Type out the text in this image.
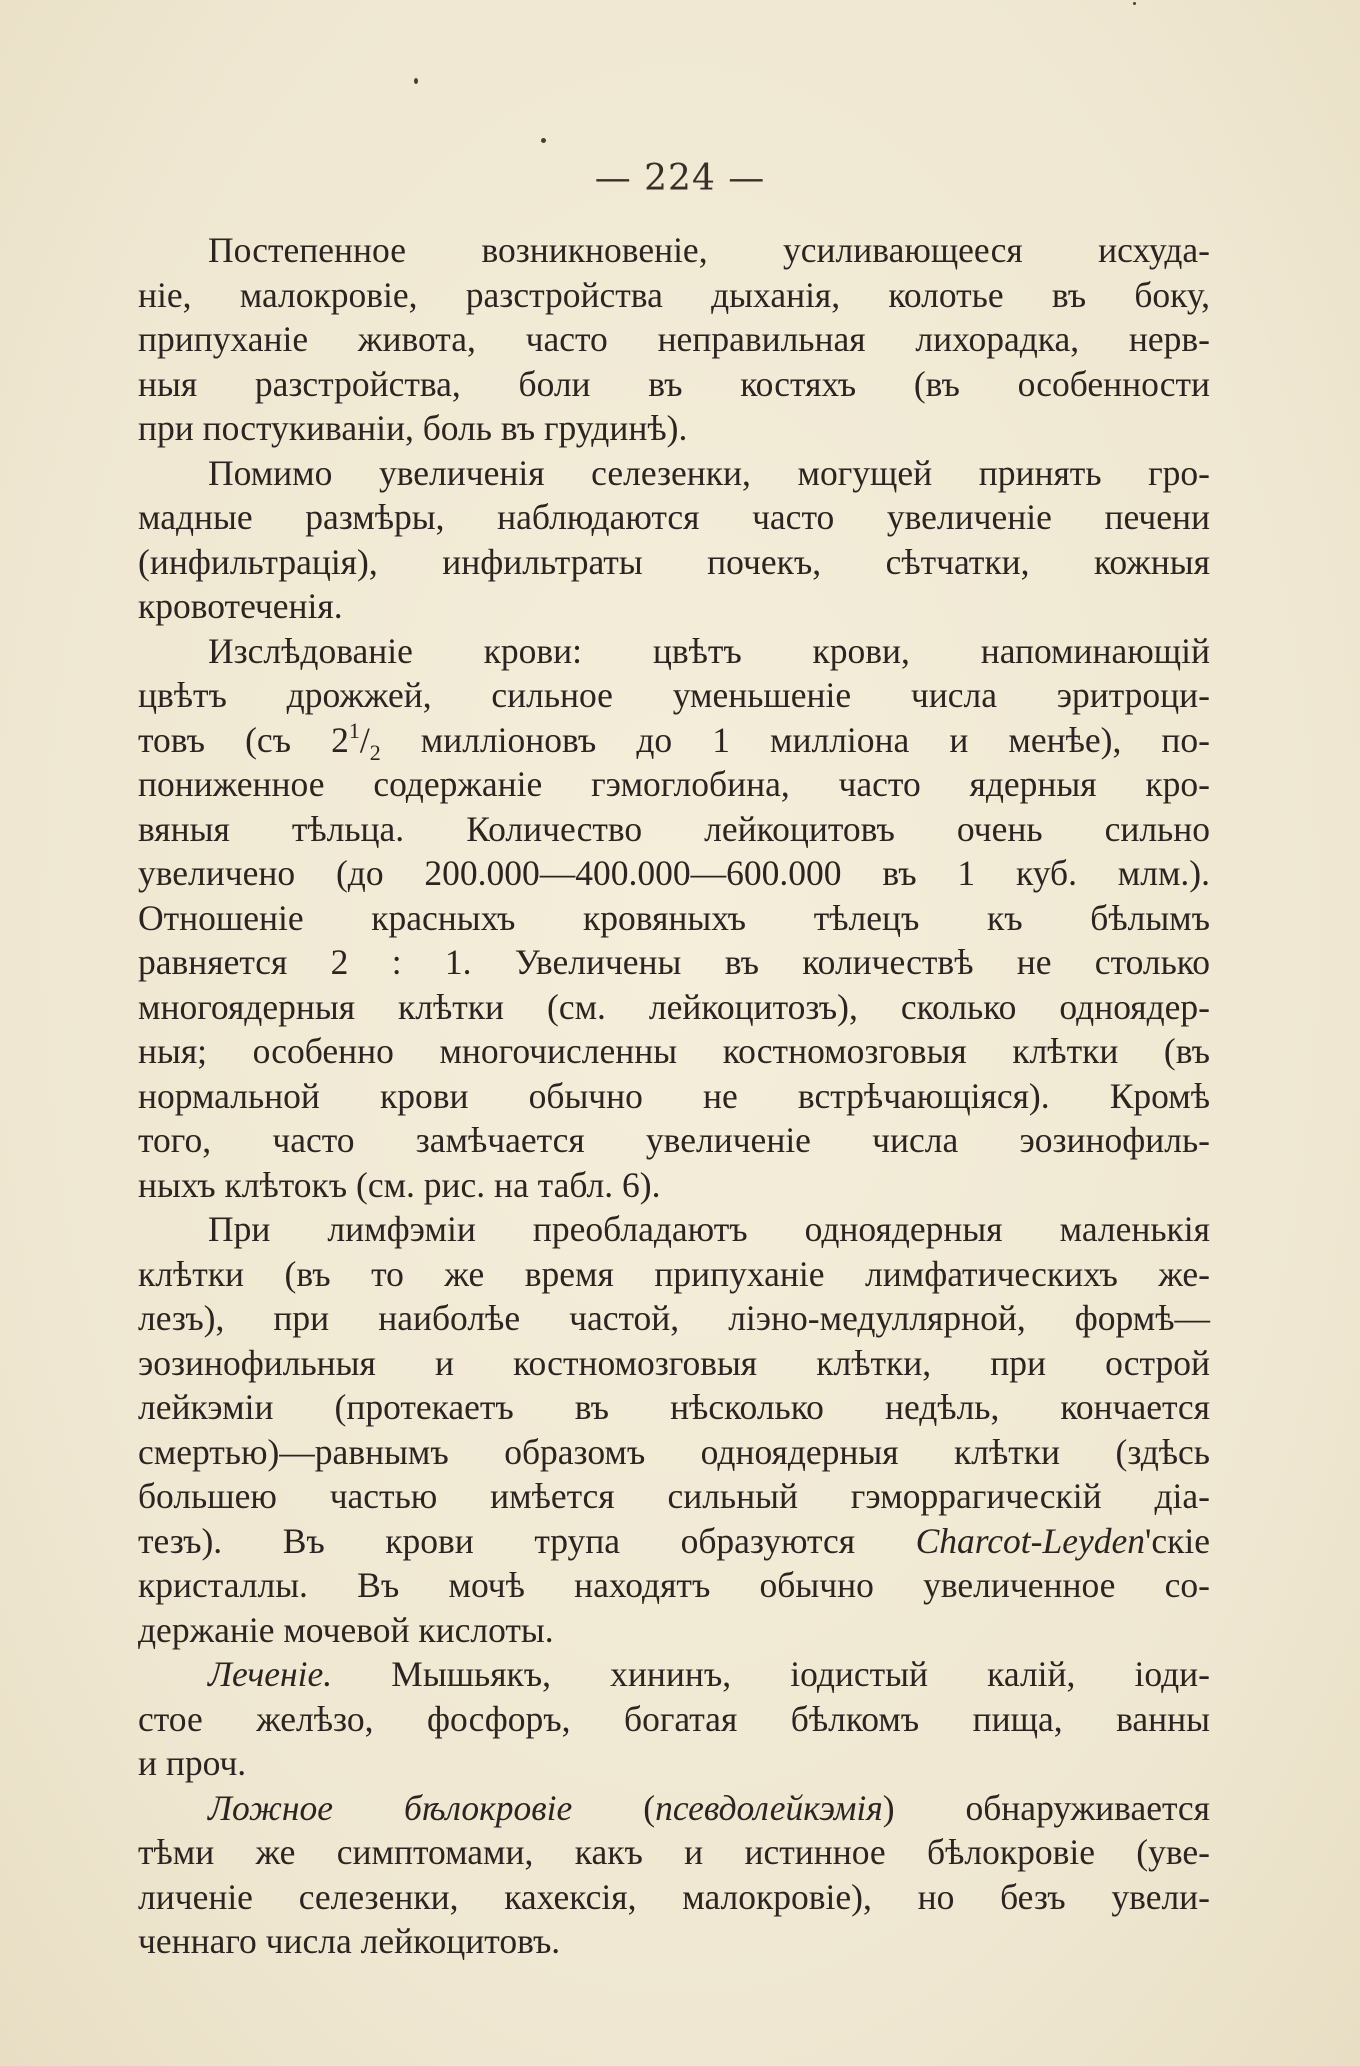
— 224 —
Постепенное возникновеніе, усиливающееся исхуда-
ніе, малокровіе, разстройства дыханія, колотье въ боку,
припуханіе живота, часто неправильная лихорадка, нерв-
ныя разстройства, боли въ костяхъ (въ особенности
при постукиваніи, боль въ грудинѣ).
Помимо увеличенія селезенки, могущей принять гро-
мадные размѣры, наблюдаются часто увеличеніе печени
(инфильтрація), инфильтраты почекъ, сѣтчатки, кожныя
кровотеченія.
Изслѣдованіе крови: цвѣтъ крови, напоминающій
цвѣтъ дрожжей, сильное уменьшеніе числа эритроци-
товъ (съ $2^1/_2$ милліоновъ до 1 милліона и менѣе), по-
пониженное содержаніе гэмоглобина, часто ядерныя кро-
вяныя тѣльца. Количество лейкоцитовъ очень сильно
увеличено (до 200.000—400.000—600.000 въ 1 куб. млм.).
Отношеніе красныхъ кровяныхъ тѣлецъ къ бѣлымъ
равняется 2 : 1. Увеличены въ количествѣ не столько
многоядерныя клѣтки (см. лейкоцитозъ), сколько одноядер-
ныя; особенно многочисленны костномозговыя клѣтки (въ
нормальной крови обычно не встрѣчающіяся). Кромѣ
того, часто замѣчается увеличеніе числа эозинофиль-
ныхъ клѣтокъ (см. рис. на табл. 6).
При лимфэміи преобладаютъ одноядерныя маленькія
клѣтки (въ то же время припуханіе лимфатическихъ же-
лезъ), при наиболѣе частой, ліэно-медуллярной, формѣ—
эозинофильныя и костномозговыя клѣтки, при острой
лейкэміи (протекаетъ въ нѣсколько недѣль, кончается
смертью)—равнымъ образомъ одноядерныя клѣтки (здѣсь
большею частью имѣется сильный гэморрагическій діа-
тезъ). Въ крови трупа образуются Charcot-Leyden'скіе
кристаллы. Въ мочѣ находятъ обычно увеличенное со-
держаніе мочевой кислоты.
Леченіе. Мышьякъ, хининъ, іодистый калій, іоди-
стое желѣзо, фосфоръ, богатая бѣлкомъ пища, ванны
и проч.
Ложное бѣлокровіе (псевдолейкэмія) обнаруживается
тѣми же симптомами, какъ и истинное бѣлокровіе (уве-
личеніе селезенки, кахексія, малокровіе), но безъ увели-
ченнаго числа лейкоцитовъ.
